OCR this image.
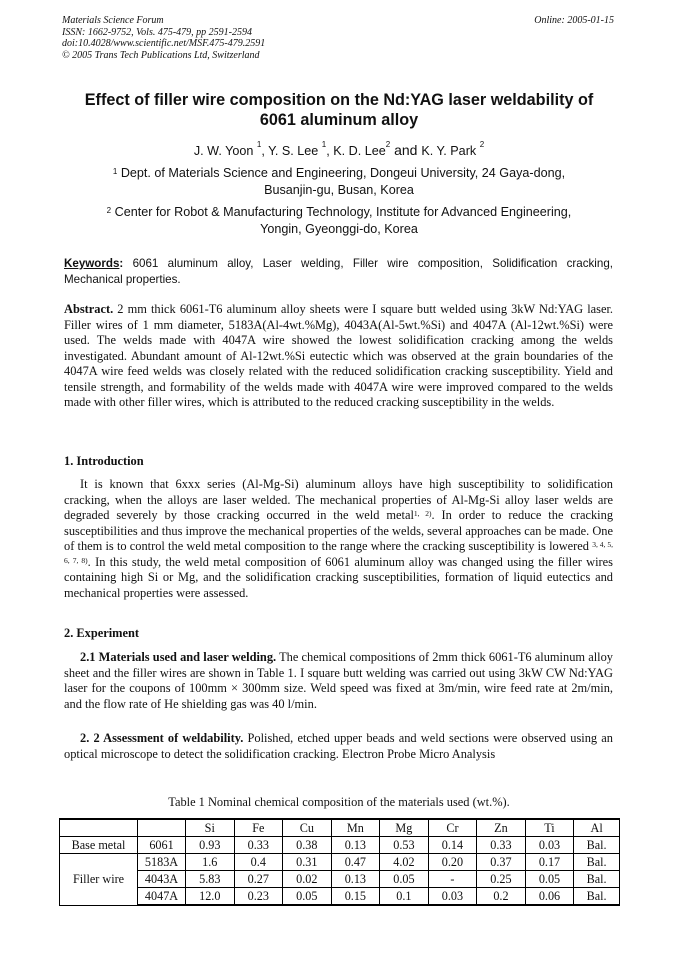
Materials Science Forum
ISSN: 1662-9752, Vols. 475-479, pp 2591-2594
doi:10.4028/www.scientific.net/MSF.475-479.2591
© 2005 Trans Tech Publications Ltd, Switzerland
Online: 2005-01-15
Effect of filler wire composition on the Nd:YAG laser weldability of
6061 aluminum alloy
J. W. Yoon $^1$, Y. S. Lee $^1$, K. D. Lee$^2$ and K. Y. Park $^2$
$^1$ Dept. of Materials Science and Engineering, Dongeui University, 24 Gaya-dong,
Busanjin-gu, Busan, Korea
$^2$ Center for Robot & Manufacturing Technology, Institute for Advanced Engineering,
Yongin, Gyeonggi-do, Korea
Keywords: 6061 aluminum alloy, Laser welding, Filler wire composition, Solidification cracking, Mechanical properties.
Abstract. 2 mm thick 6061-T6 aluminum alloy sheets were I square butt welded using 3kW Nd:YAG laser. Filler wires of 1 mm diameter, 5183A(Al-4wt.%Mg), 4043A(Al-5wt.%Si) and 4047A (Al-12wt.%Si) were used. The welds made with 4047A wire showed the lowest solidification cracking among the welds investigated. Abundant amount of Al-12wt.%Si eutectic which was observed at the grain boundaries of the 4047A wire feed welds was closely related with the reduced solidification cracking susceptibility. Yield and tensile strength, and formability of the welds made with 4047A wire were improved compared to the welds made with other filler wires, which is attributed to the reduced cracking susceptibility in the welds.
1. Introduction
It is known that 6xxx series (Al-Mg-Si) aluminum alloys have high susceptibility to solidification cracking, when the alloys are laser welded. The mechanical properties of Al-Mg-Si alloy laser welds are degraded severely by those cracking occurred in the weld metal$^{1, 2)}$. In order to reduce the cracking susceptibilities and thus improve the mechanical properties of the welds, several approaches can be made. One of them is to control the weld metal composition to the range where the cracking susceptibility is lowered $^{3, 4, 5, 6, 7, 8)}$. In this study, the weld metal composition of 6061 aluminum alloy was changed using the filler wires containing high Si or Mg, and the solidification cracking susceptibilities, formation of liquid eutectics and mechanical properties were assessed.
2. Experiment
2.1 Materials used and laser welding. The chemical compositions of 2mm thick 6061-T6 aluminum alloy sheet and the filler wires are shown in Table 1. I square butt welding was carried out using 3kW CW Nd:YAG laser for the coupons of 100mm × 300mm size. Weld speed was fixed at 3m/min, wire feed rate at 2m/min, and the flow rate of He shielding gas was 40 l/min.
2. 2 Assessment of weldability. Polished, etched upper beads and weld sections were observed using an optical microscope to detect the solidification cracking. Electron Probe Micro Analysis
Table 1 Nominal chemical composition of the materials used (wt.%).
		Si	Fe	Cu	Mn	Mg	Cr	Zn	Ti	Al
Base metal	6061	0.93	0.33	0.38	0.13	0.53	0.14	0.33	0.03	Bal.
Filler wire	5183A	1.6	0.4	0.31	0.47	4.02	0.20	0.37	0.17	Bal.
	4043A	5.83	0.27	0.02	0.13	0.05	-	0.25	0.05	Bal.
	4047A	12.0	0.23	0.05	0.15	0.1	0.03	0.2	0.06	Bal.
